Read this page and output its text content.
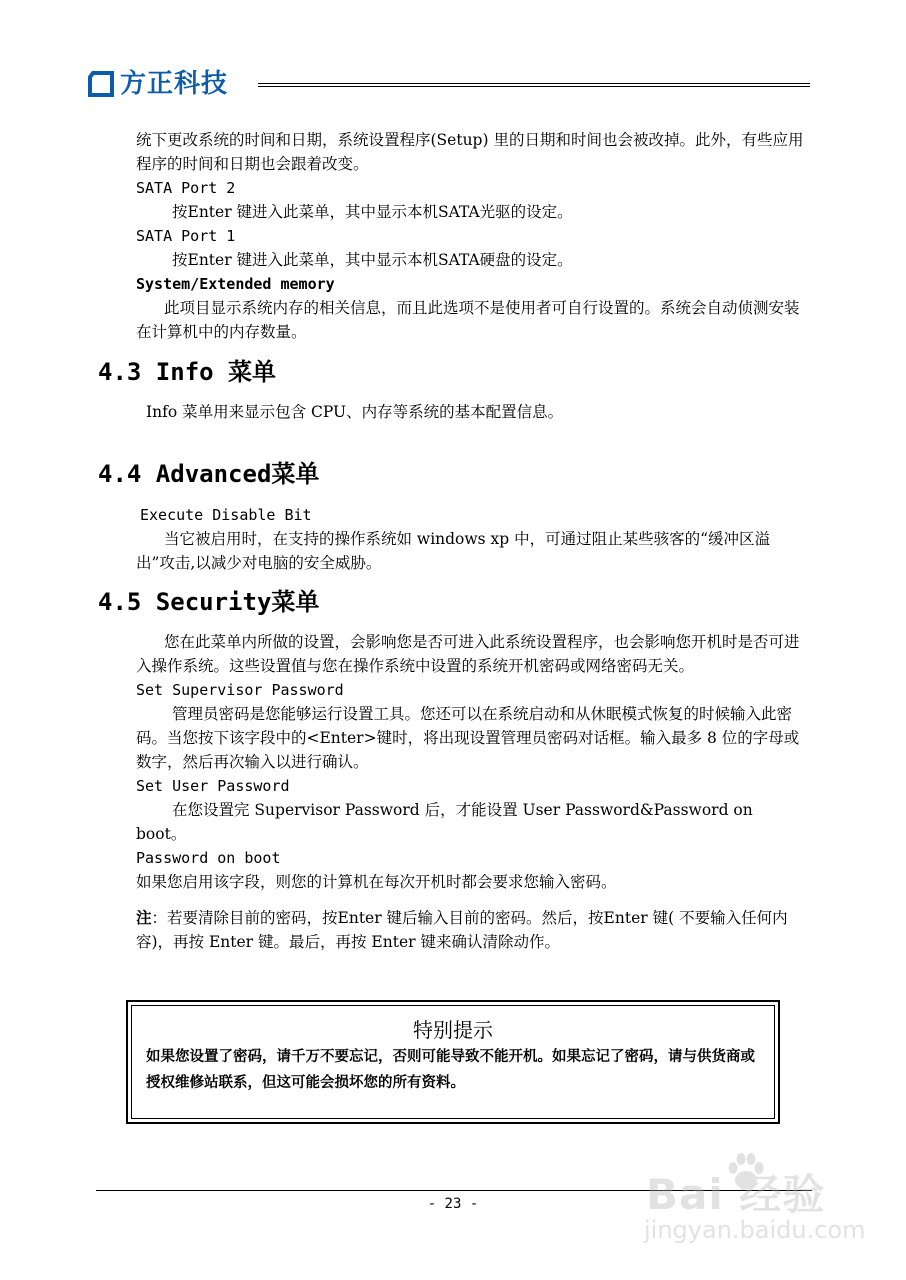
方正科技

统下更改系统的时间和日期，系统设置程序(Setup) 里的日期和时间也会被改掉。此外，有些应用程序的时间和日期也会跟着改变。

SATA Port 2

按Enter 键进入此菜单，其中显示本机SATA光驱的设定。

SATA Port 1

按Enter 键进入此菜单，其中显示本机SATA硬盘的设定。

System/Extended memory

此项目显示系统内存的相关信息，而且此选项不是使用者可自行设置的。系统会自动侦测安装在计算机中的内存数量。

4.3 Info 菜单

Info 菜单用来显示包含 CPU、内存等系统的基本配置信息。

4.4 Advanced菜单

Execute Disable Bit

当它被启用时，在支持的操作系统如 windows xp 中，可通过阻止某些骇客的“缓冲区溢出”攻击,以减少对电脑的安全威胁。

4.5 Security菜单

您在此菜单内所做的设置，会影响您是否可进入此系统设置程序，也会影响您开机时是否可进入操作系统。这些设置值与您在操作系统中设置的系统开机密码或网络密码无关。

Set Supervisor Password

管理员密码是您能够运行设置工具。您还可以在系统启动和从休眠模式恢复的时候输入此密码。当您按下该字段中的<Enter>键时，将出现设置管理员密码对话框。输入最多 8 位的字母或数字，然后再次输入以进行确认。

Set User Password

在您设置完 Supervisor Password 后，才能设置 User Password&Password on boot。

Password on boot

如果您启用该字段，则您的计算机在每次开机时都会要求您输入密码。

注：若要清除目前的密码，按Enter 键后输入目前的密码。然后，按Enter 键( 不要输入任何内容)，再按 Enter 键。最后，再按 Enter 键来确认清除动作。

特别提示
如果您设置了密码，请千万不要忘记，否则可能导致不能开机。如果忘记了密码，请与供货商或授权维修站联系，但这可能会损坏您的所有资料。
- 23 -	Bai 经验
jingyan.baidu.com
